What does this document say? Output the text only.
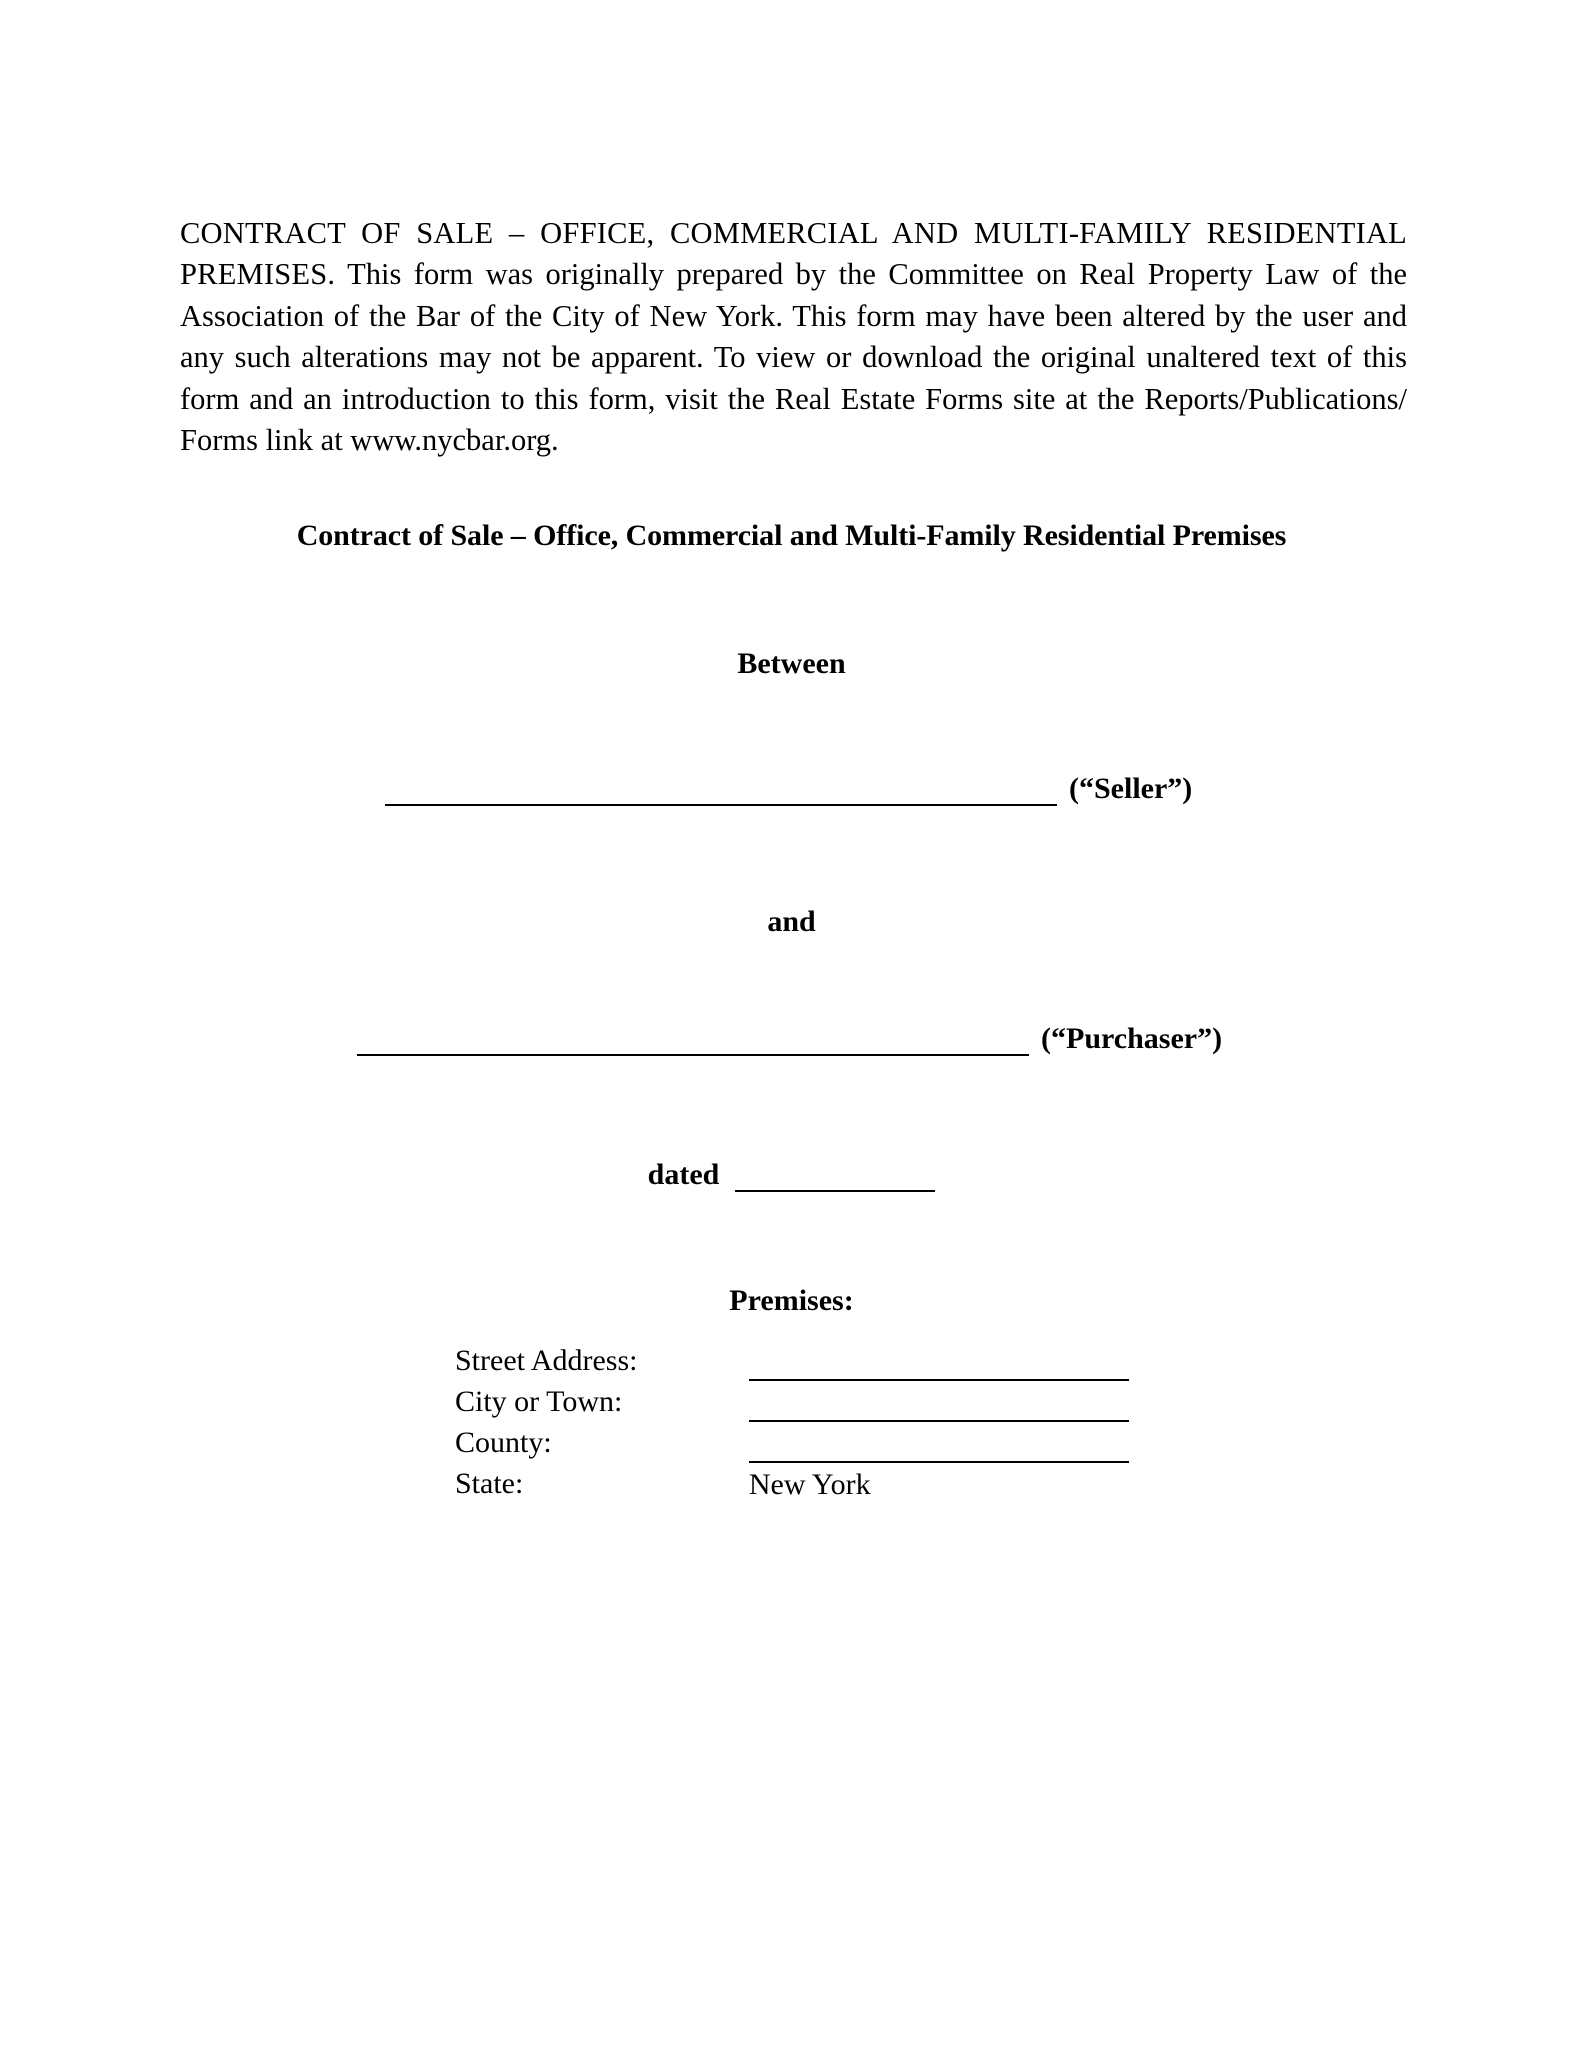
CONTRACT OF SALE – OFFICE, COMMERCIAL AND MULTI-FAMILY RESIDENTIAL PREMISES. This form was originally prepared by the Committee on Real Property Law of the Association of the Bar of the City of New York. This form may have been altered by the user and any such alterations may not be apparent. To view or download the original unaltered text of this form and an introduction to this form, visit the Real Estate Forms site at the Reports/Publications/ Forms link at www.nycbar.org.

Contract of Sale – Office, Commercial and Multi-Family Residential Premises
Between
(“Seller”)
and
(“Purchaser”)
dated
Premises:
Street Address:	

City or Town:	

County:	

State:	New York
